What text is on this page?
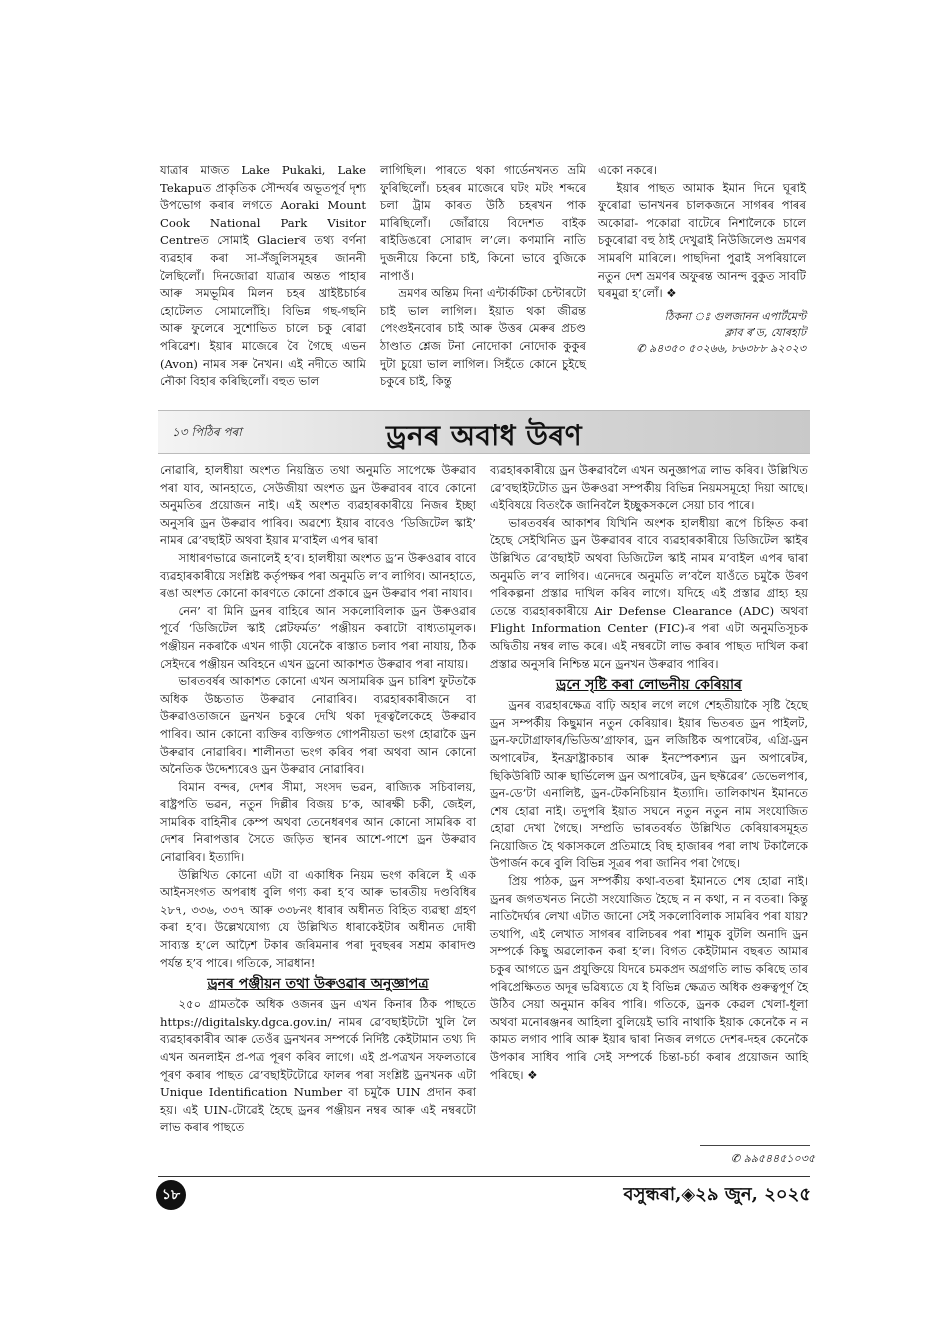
যাত্ৰাৰ মাজত Lake Pukaki, Lake Tekapuত প্ৰাকৃতিক সৌন্দৰ্যৰ অভূতপূৰ্ব দৃশ্য উপভোগ কৰাৰ লগতে Aoraki Mount Cook National Park Visitor Centreত সোমাই Glacierৰ তথ্য বৰ্ণনা ব্যৱহাৰ কৰা সা-সঁজুলিসমূহৰ জাননী লৈছিলোঁ। দিনজোৱা যাত্ৰাৰ অন্তত পাহাৰ আৰু সমভূমিৰ মিলন চহৰ খ্ৰাইষ্টচাৰ্চৰ হোটেলত সোমালোঁহি। বিভিন্ন গছ-গছনি আৰু ফুলেৰে সুশোভিত চালে চকু ৰোৱা পৰিৱেশ। ইয়াৰ মাজেৰে বৈ গৈছে এভন (Avon) নামৰ সৰু নৈখন। এই নদীতে আমি নৌকা বিহাৰ কৰিছিলোঁ। বহুত ভাল

লাগিছিল। পাৰতে থকা গাৰ্ডেনখনত ভ্ৰমি ফুৰিছিলোঁ। চহৰৰ মাজেৰে ঘটং মটং শব্দৰে চলা ট্ৰাম কাৰত উঠি চহৰখন পাক মাৰিছিলোঁ। জোঁৱায়ে বিদেশত বাইক ৰাইডিঙৰো সোৱাদ ল’লে। কণমানি নাতি দুজনীয়ে কিনো চাই, কিনো ভাবে বুজিকে নাপাওঁ।

ভ্ৰমণৰ অন্তিম দিনা এন্টাৰ্কটিকা চেন্টাৰটো চাই ভাল লাগিল। ইয়াত থকা জীৱন্ত পেংগুইনবোৰ চাই আৰু উত্তৰ মেৰুৰ প্ৰচণ্ড ঠাণ্ডাত শ্লেজ টনা নোদোকা নোদোক কুকুৰ দুটা চুয়ো ভাল লাগিল। সিহঁতে কোনে চুইছে চকুৰে চাই, কিন্তু

একো নকৰে।

ইয়াৰ পাছত আমাক ইমান দিনে ঘূৰাই ফুৰোৱা ভানখনৰ চালকজনে সাগৰৰ পাৰৰ অকোৱা- পকোৱা বাটেৰে নিশালৈকে চালে চকুৰোৱা বহু ঠাই দেখুৱাই নিউজিলেণ্ড ভ্ৰমণৰ সামৰণি মাৰিলে। পাছদিনা পুৱাই সপৰিয়ালে নতুন দেশ ভ্ৰমণৰ অফুৰন্ত আনন্দ বুকুত সাবটি ঘৰমুৱা হ’লোঁ। ❖

ঠিকনা ঃ গুলজানন এপাৰ্টমেণ্ট
ক্লাব ৰ’ড, যোৰহাট
✆ ৯৪৩৫০ ৫০২৬৬, ৮৬৩৮৮ ৯২০২৩
১৩ পিঠিৰ পৰা	ড্ৰনৰ অবাধ উৰণ

নোৱাৰি, হালধীয়া অংশত নিয়ন্ত্ৰিত তথা অনুমতি সাপেক্ষে উৰুৱাব পৰা যাব, আনহাতে, সেউজীয়া অংশত ড্ৰন উৰুৱাবৰ বাবে কোনো অনুমতিৰ প্ৰয়োজন নাই। এই অংশত ব্যৱহাৰকাৰীয়ে নিজৰ ইচ্ছা অনুসৰি ড্ৰন উৰুৱাব পাৰিব। অৱশ্যে ইয়াৰ বাবেও ‘ডিজিটেল স্কাই’ নামৰ ৱে’বছাইট অথবা ইয়াৰ ম’বাইল এপৰ দ্বাৰা

সাধাৰণভাৱে জনালেই হ’ব। হালধীয়া অংশত ড্ৰ’ন উৰুওৱাৰ বাবে ব্যৱহাৰকাৰীয়ে সংশ্লিষ্ট কৰ্তৃপক্ষৰ পৰা অনুমতি ল’ব লাগিব। আনহাতে, ৰঙা অংশত কোনো কাৰণতে কোনো প্ৰকাৰে ড্ৰন উৰুৱাব পৰা নাযাব।

নেন’ বা মিনি ড্ৰনৰ বাহিৰে আন সকলোবিলাক ড্ৰন উৰুওৱাৰ পূৰ্বে ‘ডিজিটেল স্কাই প্লেটফৰ্মত’ পঞ্জীয়ন কৰাটো বাধ্যতামূলক। পঞ্জীয়ন নকৰাকৈ এখন গাড়ী যেনেকৈ ৰাস্তাত চলাব পৰা নাযায়, ঠিক সেইদৰে পঞ্জীয়ন অবিহনে এখন ড্ৰনো আকাশত উৰুৱাব পৰা নাযায়।

ভাৰতবৰ্ষৰ আকাশত কোনো এখন অসামৰিক ড্ৰন চাৰিশ ফুটতকৈ অধিক উচ্চতাত উৰুৱাব নোৱাৰিব। ব্যৱহাৰকাৰীজনে বা উৰুৱাওতাজনে ড্ৰনখন চকুৰে দেখি থকা দূৰত্বলৈকেহে উৰুৱাব পাৰিব। আন কোনো ব্যক্তিৰ ব্যক্তিগত গোপনীয়তা ভংগ হোৱাকৈ ড্ৰন উৰুৱাব নোৱাৰিব। শালীনতা ভংগ কৰিব পৰা অথবা আন কোনো অনৈতিক উদ্দেশ্যৰেও ড্ৰন উৰুৱাব নোৱাৰিব।

বিমান বন্দৰ, দেশৰ সীমা, সংসদ ভৱন, ৰাজ্যিক সচিবালয়, ৰাষ্ট্ৰপতি ভৱন, নতুন দিল্লীৰ বিজয় চ’ক, আৰক্ষী চকী, জেইল, সামৰিক বাহিনীৰ কেম্প অথবা তেনেধৰণৰ আন কোনো সামৰিক বা দেশৰ নিৰাপত্তাৰ সৈতে জড়িত স্থানৰ আশে-পাশে ড্ৰন উৰুৱাব নোৱাৰিব। ইত্যাদি।

উল্লিখিত কোনো এটা বা একাধিক নিয়ম ভংগ কৰিলে ই এক আইনসংগত অপৰাধ বুলি গণ্য কৰা হ’ব আৰু ভাৰতীয় দণ্ডবিধিৰ ২৮৭, ৩৩৬, ৩৩৭ আৰু ৩৩৮নং ধাৰাৰ অধীনত বিহিত ব্যৱস্থা গ্ৰহণ কৰা হ’ব। উল্লেখযোগ্য যে উল্লিখিত ধাৰাকেইটাৰ অধীনত দোষী সাব্যস্ত হ’লে আঢ়ৈশ টকাৰ জৰিমনাৰ পৰা দুবছৰৰ সশ্ৰম কাৰাদণ্ড পৰ্যন্ত হ’ব পাৰে। গতিকে, সাৱধান!

ড্ৰনৰ পঞ্জীয়ন তথা উৰুওৱাৰ অনুজ্ঞাপত্ৰ

২৫০ গ্ৰামতকৈ অধিক ওজনৰ ড্ৰন এখন কিনাৰ ঠিক পাছতে https://digitalsky.dgca.gov.in/ নামৰ ৱে’বছাইটটো খুলি লৈ ব্যৱহাৰকাৰীৰ আৰু তেওঁৰ ড্ৰনখনৰ সম্পৰ্কে নিৰ্দিষ্ট কেইটামান তথ্য দি এখন অনলাইন প্ৰ-পত্ৰ পূৰণ কৰিব লাগে। এই প্ৰ-পত্ৰখন সফলতাৰে পূৰণ কৰাৰ পাছত ৱে’বছাইটটোৱে ফালৰ পৰা সংশ্লিষ্ট ড্ৰনখনক এটা Unique Identification Number বা চমুকৈ UIN প্ৰদান কৰা হয়। এই UIN-টোৱেই হৈছে ড্ৰনৰ পঞ্জীয়ন নম্বৰ আৰু এই নম্বৰটো লাভ কৰাৰ পাছতে

ব্যৱহাৰকাৰীয়ে ড্ৰন উৰুৱাবলৈ এখন অনুজ্ঞাপত্ৰ লাভ কৰিব। উল্লিখিত ৱে’বছাইটটোত ড্ৰন উৰুওৱা সম্পৰ্কীয় বিভিন্ন নিয়মসমূহো দিয়া আছে। এইবিষয়ে বিতংকৈ জানিবলৈ ইচ্ছুকসকলে সেয়া চাব পাৰে।

ভাৰতবৰ্ষৰ আকাশৰ যিখিনি অংশক হালধীয়া ৰূপে চিহ্নিত কৰা হৈছে সেইখিনিত ড্ৰন উৰুৱাবৰ বাবে ব্যৱহাৰকাৰীয়ে ডিজিটেল স্কাইৰ উল্লিখিত ৱে’বছাইট অথবা ডিজিটেল স্কাই নামৰ ম’বাইল এপৰ দ্বাৰা অনুমতি ল’ব লাগিব। এনেদৰে অনুমতি ল’বলৈ যাওঁতে চমুকৈ উৰণ পৰিকল্পনা প্ৰস্তাৱ দাখিল কৰিব লাগে। যদিহে এই প্ৰস্তাৱ গ্ৰাহ্য হয় তেন্তে ব্যৱহাৰকাৰীয়ে Air Defense Clearance (ADC) অথবা Flight Information Center (FIC)-ৰ পৰা এটা অনুমতিসূচক অদ্বিতীয় নম্বৰ লাভ কৰে। এই নম্বৰটো লাভ কৰাৰ পাছত দাখিল কৰা প্ৰস্তাৱ অনুসৰি নিশ্চিন্ত মনে ড্ৰনখন উৰুৱাব পাৰিব।

ড্ৰনে সৃষ্টি কৰা লোভনীয় কেৰিয়াৰ

ড্ৰনৰ ব্যৱহাৰক্ষেত্ৰ বাঢ়ি অহাৰ লগে লগে শেহতীয়াকৈ সৃষ্টি হৈছে ড্ৰন সম্পৰ্কীয় কিছুমান নতুন কেৰিয়াৰ। ইয়াৰ ভিতৰত ড্ৰন পাইলট, ড্ৰন-ফটোগ্ৰাফাৰ/ভিডিঅ’গ্ৰাফাৰ, ড্ৰন লজিষ্টিক অপাৰেটৰ, এগ্ৰি-ড্ৰন অপাৰেটৰ, ইনফ্ৰাষ্ট্ৰাকচাৰ আৰু ইনস্পেকশ্যন ড্ৰন অপাৰেটৰ, ছিকিউৰিটি আৰু ছাৰ্ভিলেন্স ড্ৰন অপাৰেটৰ, ড্ৰন ছফ্টৱেৰ’ ডেভেলপাৰ, ড্ৰন-ডে’টা এনালিষ্ট, ড্ৰন-টেকনিচিয়ান ইত্যাদি। তালিকাখন ইমানতে শেষ হোৱা নাই। তদুপৰি ইয়াত সঘনে নতুন নতুন নাম সংযোজিত হোৱা দেখা গৈছে। সম্প্ৰতি ভাৰতবৰ্ষত উল্লিখিত কেৰিয়াৰসমূহত নিয়োজিত হৈ থকাসকলে প্ৰতিমাহে বিছ হাজাৰৰ পৰা লাখ টকালৈকে উপাৰ্জন কৰে বুলি বিভিন্ন সূত্ৰৰ পৰা জানিব পৰা গৈছে।

প্ৰিয় পাঠক, ড্ৰন সম্পৰ্কীয় কথা-বতৰা ইমানতে শেষ হোৱা নাই। ড্ৰনৰ জগতখনত নিতৌ সংযোজিত হৈছে ন ন কথা, ন ন বতৰা। কিন্তু নাতিদৈৰ্ঘ্যৰ লেখা এটাত জানো সেই সকলোবিলাক সামৰিব পৰা যায়? তথাপি, এই লেখাত সাগৰৰ বালিচৰৰ পৰা শামুক বুটলি অনাদি ড্ৰন সম্পৰ্কে কিছু অৱলোকন কৰা হ’ল। বিগত কেইটামান বছৰত আমাৰ চকুৰ আগতে ড্ৰন প্ৰযুক্তিয়ে যিদৰে চমকপ্ৰদ অগ্ৰগতি লাভ কৰিছে তাৰ পৰিপ্ৰেক্ষিতত অদূৰ ভৱিষ্যতে যে ই বিভিন্ন ক্ষেত্ৰত অধিক গুৰুত্বপূৰ্ণ হৈ উঠিব সেয়া অনুমান কৰিব পাৰি। গতিকে, ড্ৰনক কেৱল খেলা-ধূলা অথবা মনোৰঞ্জনৰ আহিলা বুলিয়েই ভাবি নাথাকি ইয়াক কেনেকৈ ন ন কামত লগাব পাৰি আৰু ইয়াৰ দ্বাৰা নিজৰ লগতে দেশৰ-দহৰ কেনেকৈ উপকাৰ সাধিব পাৰি সেই সম্পৰ্কে চিন্তা-চৰ্চা কৰাৰ প্ৰয়োজন আহি পৰিছে। ❖

✆ ৯৯৫৪৪৫১০৩৫
১৮	বসুন্ধৰা,◈২৯ জুন, ২০২৫
